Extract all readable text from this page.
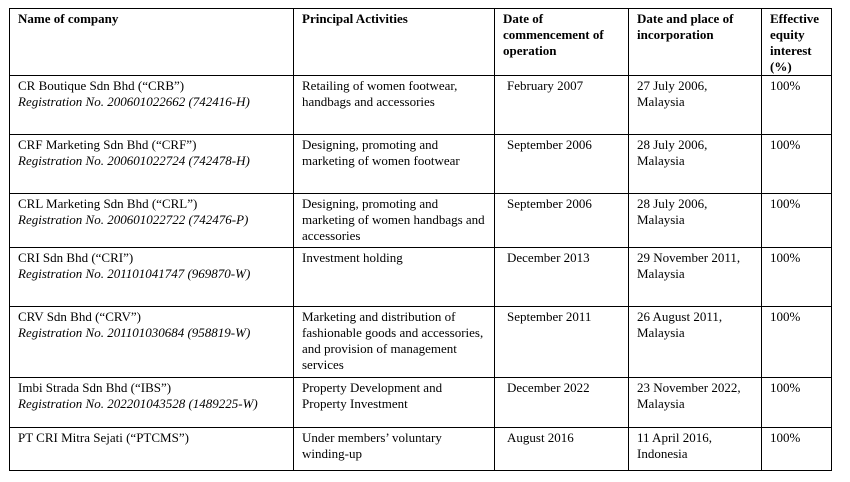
Name of company	Principal Activities	Date of commencement of operation	Date and place of incorporation	Effective equity interest (%)

CR Boutique Sdn Bhd (“CRB”)
Registration No. 200601022662 (742416-H)	Retailing of women footwear, handbags and accessories	February 2007	27 July 2006, Malaysia	100%

CRF Marketing Sdn Bhd (“CRF”)
Registration No. 200601022724 (742478-H)	Designing, promoting and marketing of women footwear	September 2006	28 July 2006, Malaysia	100%

CRL Marketing Sdn Bhd (“CRL”)
Registration No. 200601022722 (742476-P)	Designing, promoting and marketing of women handbags and accessories	September 2006	28 July 2006, Malaysia	100%

CRI Sdn Bhd (“CRI”)
Registration No. 201101041747 (969870-W)	Investment holding	December 2013	29 November 2011, Malaysia	100%

CRV Sdn Bhd (“CRV”)
Registration No. 201101030684 (958819-W)	Marketing and distribution of fashionable goods and accessories, and provision of management services	September 2011	26 August 2011, Malaysia	100%

Imbi Strada Sdn Bhd (“IBS”)
Registration No. 202201043528 (1489225-W)	Property Development and Property Investment	December 2022	23 November 2022, Malaysia	100%

PT CRI Mitra Sejati (“PTCMS”)	Under members’ voluntary winding-up	August 2016	11 April 2016, Indonesia	100%
